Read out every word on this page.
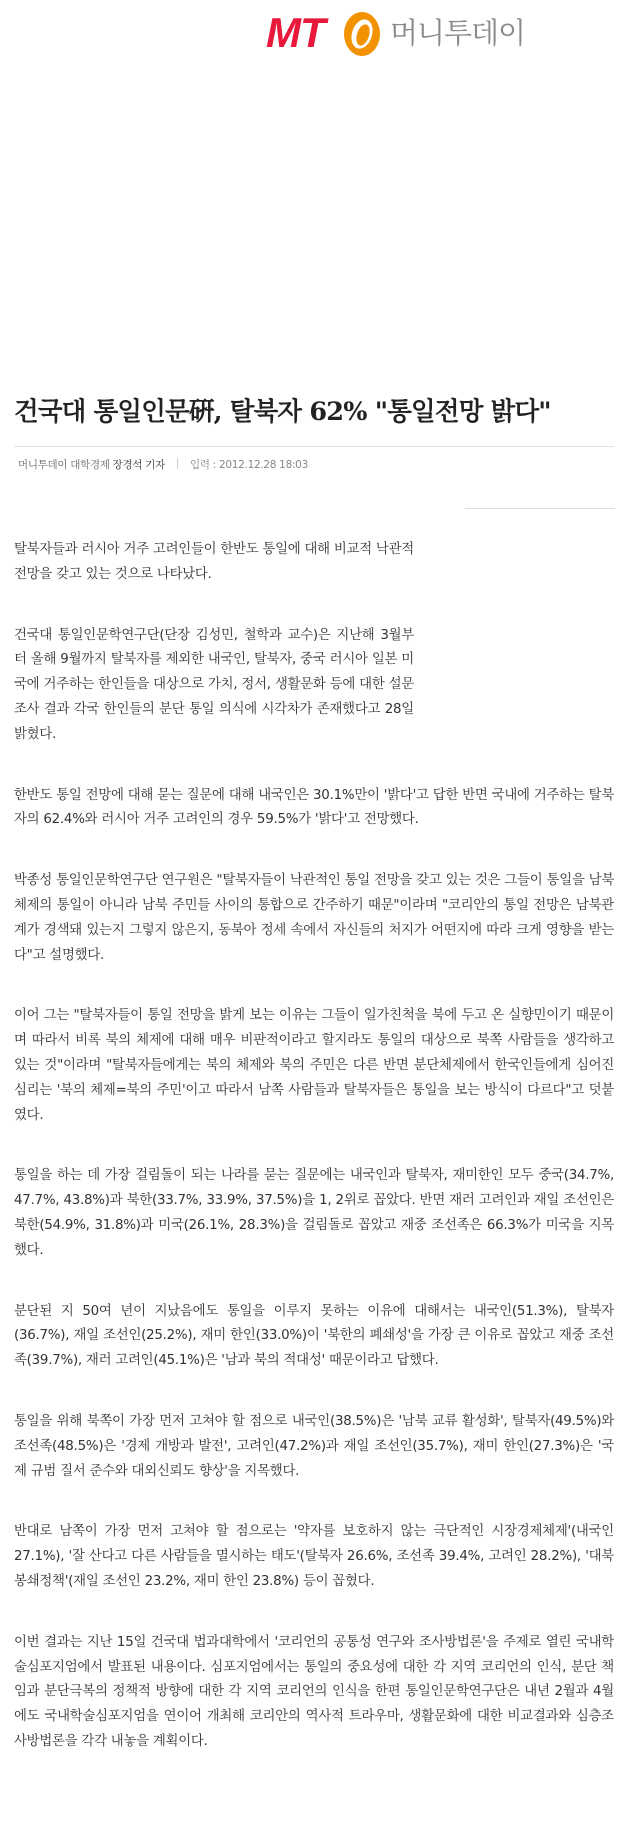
MT 머니투데이
건국대 통일인문硏, 탈북자 62% "통일전망 밝다"
머니투데이 대학경제 장경석 기자 입력 : 2012.12.28 18:03

탈북자들과 러시아 거주 고려인들이 한반도 통일에 대해 비교적 낙관적 전망을 갖고 있는 것으로 나타났다.

건국대 통일인문학연구단(단장 김성민, 철학과 교수)은 지난해 3월부터 올해 9월까지 탈북자를 제외한 내국인, 탈북자, 중국 러시아 일본 미국에 거주하는 한인들을 대상으로 가치, 정서, 생활문화 등에 대한 설문조사 결과 각국 한인들의 분단 통일 의식에 시각차가 존재했다고 28일 밝혔다.

한반도 통일 전망에 대해 묻는 질문에 대해 내국인은 30.1%만이 '밝다'고 답한 반면 국내에 거주하는 탈북자의 62.4%와 러시아 거주 고려인의 경우 59.5%가 '밝다'고 전망했다.

박종성 통일인문학연구단 연구원은 "탈북자들이 낙관적인 통일 전망을 갖고 있는 것은 그들이 통일을 남북 체제의 통일이 아니라 남북 주민들 사이의 통합으로 간주하기 때문"이라며 "코리안의 통일 전망은 남북관계가 경색돼 있는지 그렇지 않은지, 동북아 정세 속에서 자신들의 처지가 어떤지에 따라 크게 영향을 받는다"고 설명했다.

이어 그는 "탈북자들이 통일 전망을 밝게 보는 이유는 그들이 일가친척을 북에 두고 온 실향민이기 때문이며 따라서 비록 북의 체제에 대해 매우 비판적이라고 할지라도 통일의 대상으로 북쪽 사람들을 생각하고 있는 것"이라며 "탈북자들에게는 북의 체제와 북의 주민은 다른 반면 분단체제에서 한국인들에게 심어진 심리는 '북의 체제=북의 주민'이고 따라서 남쪽 사람들과 탈북자들은 통일을 보는 방식이 다르다"고 덧붙였다.

통일을 하는 데 가장 걸림돌이 되는 나라를 묻는 질문에는 내국인과 탈북자, 재미한인 모두 중국(34.7%, 47.7%, 43.8%)과 북한(33.7%, 33.9%, 37.5%)을 1, 2위로 꼽았다. 반면 재러 고려인과 재일 조선인은 북한(54.9%, 31.8%)과 미국(26.1%, 28.3%)을 걸림돌로 꼽았고 재중 조선족은 66.3%가 미국을 지목했다.

분단된 지 50여 년이 지났음에도 통일을 이루지 못하는 이유에 대해서는 내국인(51.3%), 탈북자(36.7%), 재일 조선인(25.2%), 재미 한인(33.0%)이 '북한의 폐쇄성'을 가장 큰 이유로 꼽았고 재중 조선족(39.7%), 재러 고려인(45.1%)은 '남과 북의 적대성' 때문이라고 답했다.

통일을 위해 북쪽이 가장 먼저 고쳐야 할 점으로 내국인(38.5%)은 '남북 교류 활성화', 탈북자(49.5%)와 조선족(48.5%)은 '경제 개방과 발전', 고려인(47.2%)과 재일 조선인(35.7%), 재미 한인(27.3%)은 '국제 규범 질서 준수와 대외신뢰도 향상'을 지목했다.

반대로 남쪽이 가장 먼저 고쳐야 할 점으로는 '약자를 보호하지 않는 극단적인 시장경제체제'(내국인 27.1%), '잘 산다고 다른 사람들을 멸시하는 태도'(탈북자 26.6%, 조선족 39.4%, 고려인 28.2%), '대북봉쇄정책'(재일 조선인 23.2%, 재미 한인 23.8%) 등이 꼽혔다.

이번 결과는 지난 15일 건국대 법과대학에서 '코리언의 공통성 연구와 조사방법론'을 주제로 열린 국내학술심포지엄에서 발표된 내용이다. 심포지엄에서는 통일의 중요성에 대한 각 지역 코리언의 인식, 분단 책임과 분단극복의 정책적 방향에 대한 각 지역 코리언의 인식을 한편 통일인문학연구단은 내년 2월과 4월에도 국내학술심포지엄을 연이어 개최해 코리안의 역사적 트라우마, 생활문화에 대한 비교결과와 심층조사방법론을 각각 내놓을 계획이다.
